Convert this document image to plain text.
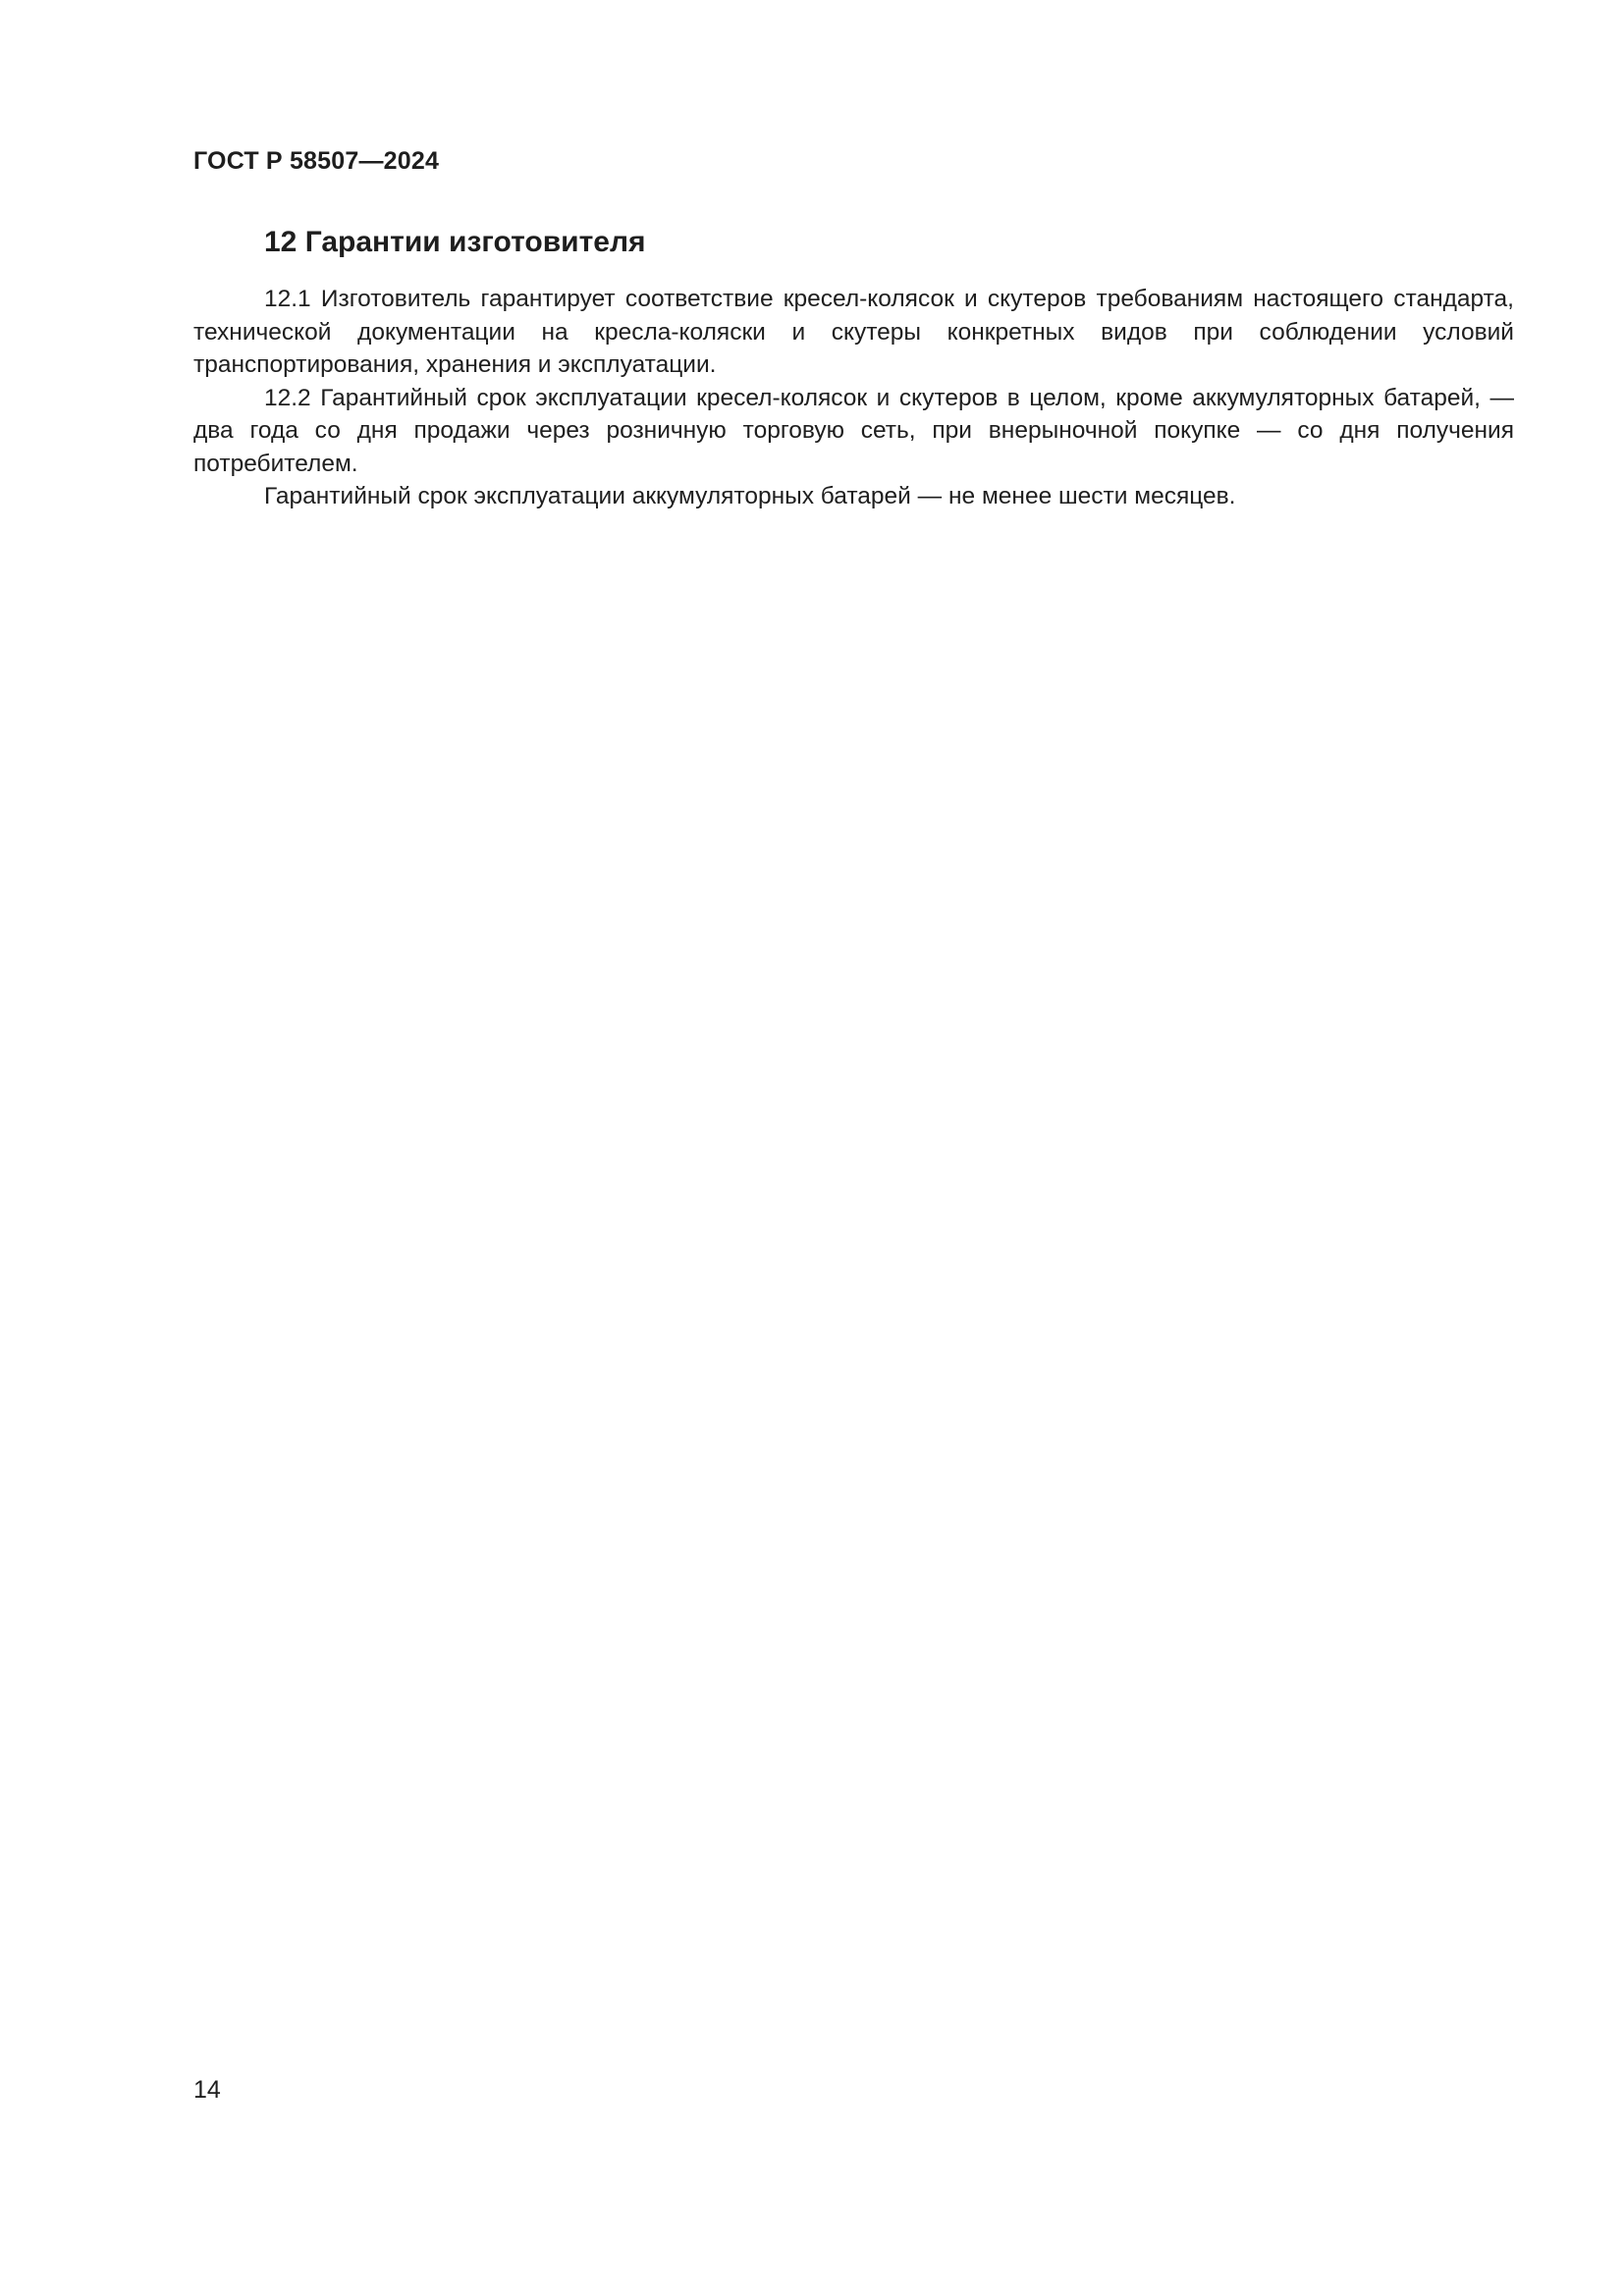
ГОСТ Р 58507—2024
12 Гарантии изготовителя

12.1 Изготовитель гарантирует соответствие кресел-колясок и скутеров требованиям настоящего стандарта, технической документации на кресла-коляски и скутеры конкретных видов при соблюдении условий транспортирования, хранения и эксплуатации.

12.2 Гарантийный срок эксплуатации кресел-колясок и скутеров в целом, кроме аккумуляторных батарей, — два года со дня продажи через розничную торговую сеть, при внерыночной покупке — со дня получения потребителем.

Гарантийный срок эксплуатации аккумуляторных батарей — не менее шести месяцев.

14
